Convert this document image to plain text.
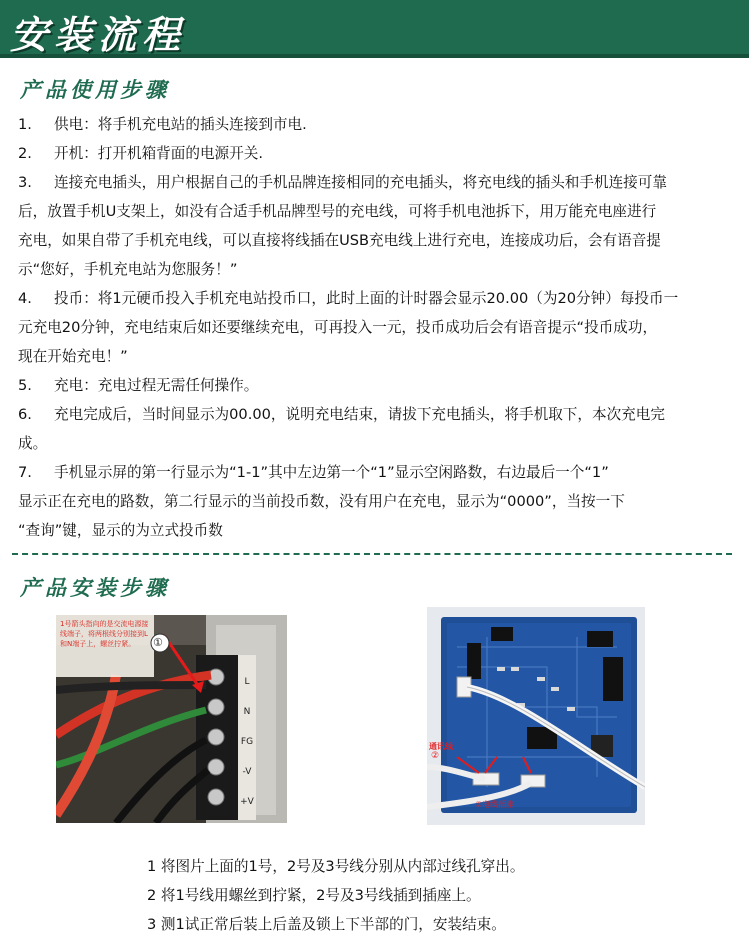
安装流程
产品使用步骤
1. 供电：将手机充电站的插头连接到市电.
2. 开机：打开机箱背面的电源开关.
3. 连接充电插头，用户根据自己的手机品牌连接相同的充电插头，将充电线的插头和手机连接可靠
后，放置手机U支架上，如没有合适手机品牌型号的充电线，可将手机电池拆下，用万能充电座进行
充电，如果自带了手机充电线，可以直接将线插在USB充电线上进行充电，连接成功后，会有语音提
示“您好，手机充电站为您服务！”
4. 投币：将1元硬币投入手机充电站投币口，此时上面的计时器会显示20.00（为20分钟）每投币一
元充电20分钟，充电结束后如还要继续充电，可再投入一元，投币成功后会有语音提示“投币成功，
现在开始充电！”
5. 充电：充电过程无需任何操作。
6. 充电完成后，当时间显示为00.00，说明充电结束，请拔下充电插头，将手机取下，本次充电完
成。
7. 手机显示屏的第一行显示为“1-1”其中左边第一个“1”显示空闲路数，右边最后一个“1”
显示正在充电的路数，第二行显示的当前投币数，没有用户在充电，显示为“0000”，当按一下
“查询”键，显示的为立式投币数
产品安装步骤
1号箭头指向的是交流电源接线端子，将两根线分别接到L和N端子上，螺丝拧紧。	①
L
N
FG
-V
+V
通讯线
②
③电线插座
1 将图片上面的1号，2号及3号线分别从内部过线孔穿出。
2 将1号线用螺丝到拧紧，2号及3号线插到插座上。
3 测1试正常后装上后盖及锁上下半部的门，安装结束。
